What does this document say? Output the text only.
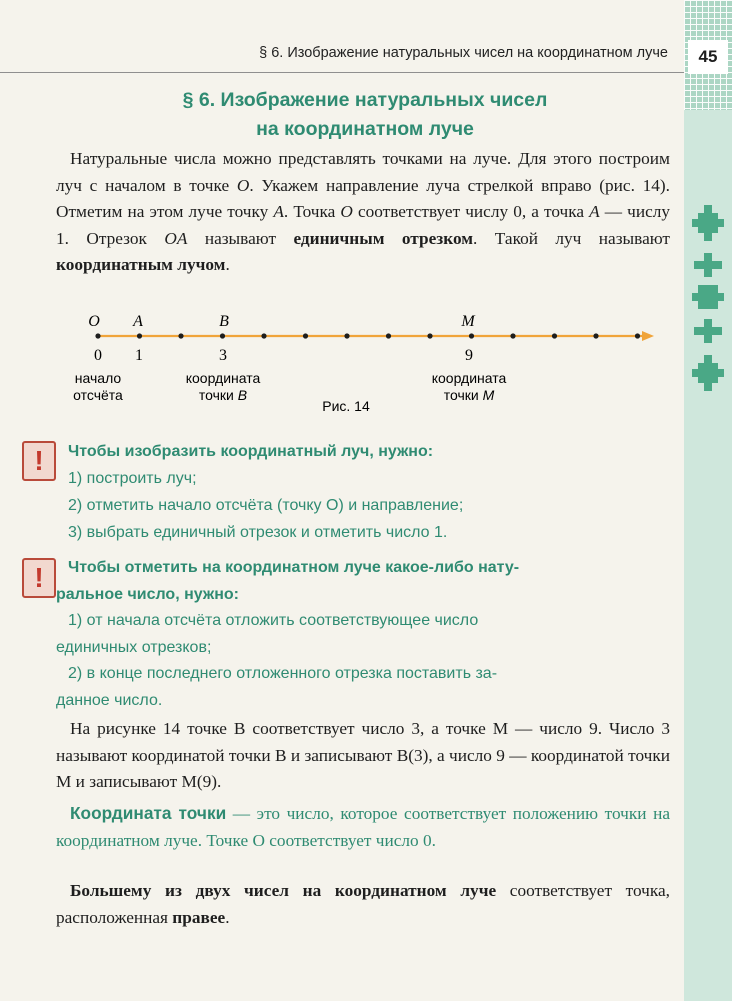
45
§ 6. Изображение натуральных чисел на координатном луче
§ 6. Изображение натуральных чисел
на координатном луче
Натуральные числа можно представлять точками на луче. Для этого построим луч с началом в точке O. Укажем направление луча стрелкой вправо (рис. 14). Отметим на этом луче точку A. Точка O соответствует числу 0, а точка A — числу 1. Отрезок OA называют единичным отрезком. Такой луч называют координатным лучом.
O A	B	M
0 1	3	9
начало
отсчёта
координата
точки B
координата
точки M
Рис. 14
!	Чтобы изобразить координатный луч, нужно:
1) построить луч;
2) отметить начало отсчёта (точку O) и направление;
3) выбрать единичный отрезок и отметить число 1.
!	Чтобы отметить на координатном луче какое-либо нату-
ральное число, нужно:
1) от начала отсчёта отложить соответствующее число
единичных отрезков;
2) в конце последнего отложенного отрезка поставить за-
данное число.
На рисунке 14 точке B соответствует число 3, а точке M — число 9. Число 3 называют координатой точки B и записывают B(3), а число 9 — координатой точки M и записывают M(9).
Координата точки — это число, которое соответствует положению точки на координатном луче. Точке O соответствует число 0.
Большему из двух чисел на координатном луче соответствует точка, расположенная правее.
